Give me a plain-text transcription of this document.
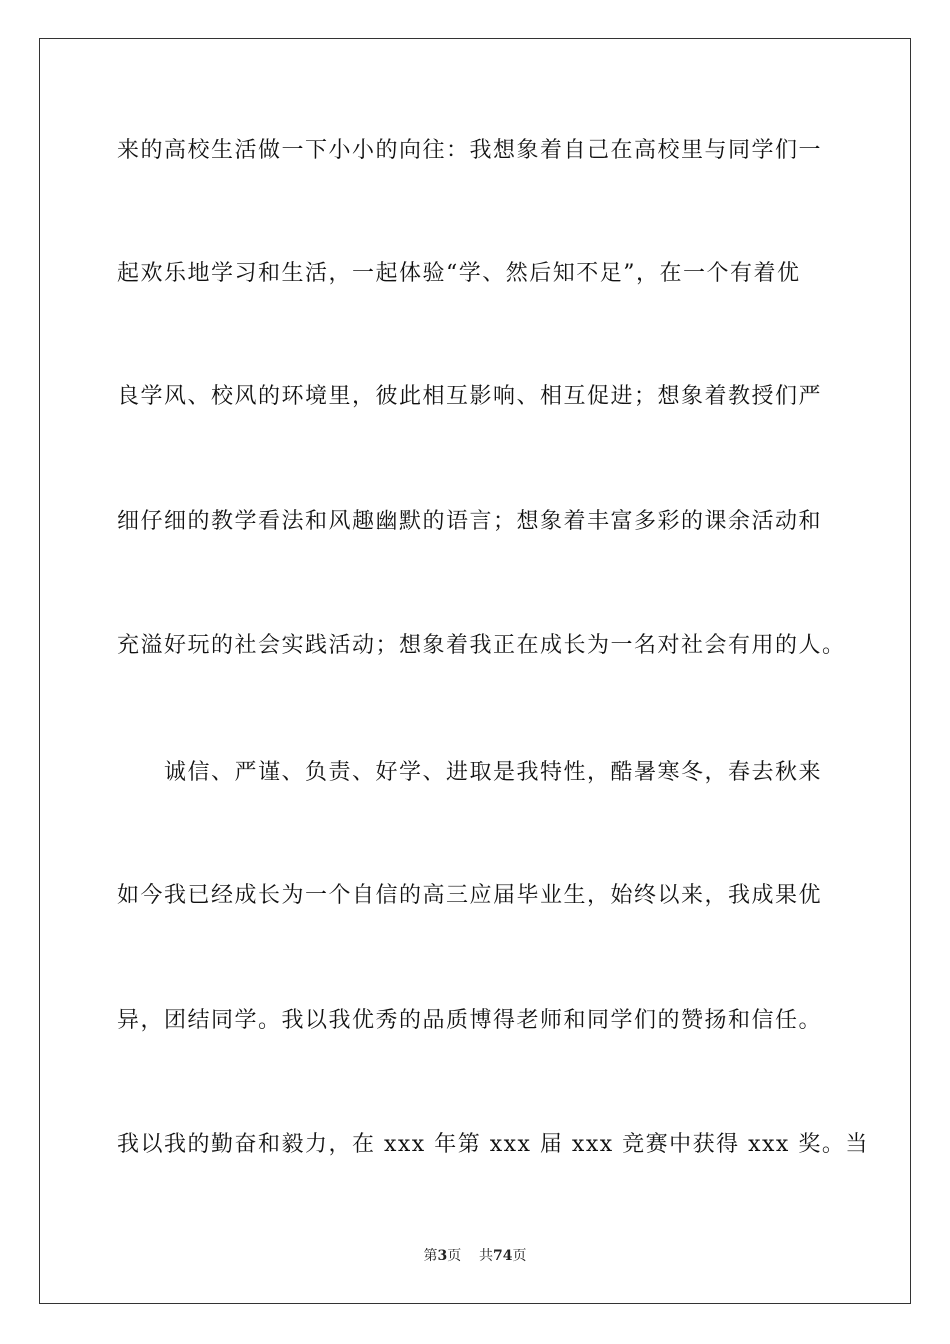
来的高校生活做一下小小的向往：我想象着自己在高校里与同学们一
起欢乐地学习和生活，一起体验“学、然后知不足”，在一个有着优
良学风、校风的环境里，彼此相互影响、相互促进；想象着教授们严
细仔细的教学看法和风趣幽默的语言；想象着丰富多彩的课余活动和
充溢好玩的社会实践活动；想象着我正在成长为一名对社会有用的人。
　　诚信、严谨、负责、好学、进取是我特性，酷暑寒冬，春去秋来
如今我已经成长为一个自信的高三应届毕业生，始终以来，我成果优
异，团结同学。我以我优秀的品质博得老师和同学们的赞扬和信任。
我以我的勤奋和毅力，在 xxx 年第 xxx 届 xxx 竞赛中获得 xxx 奖。当
第3页 共74页
